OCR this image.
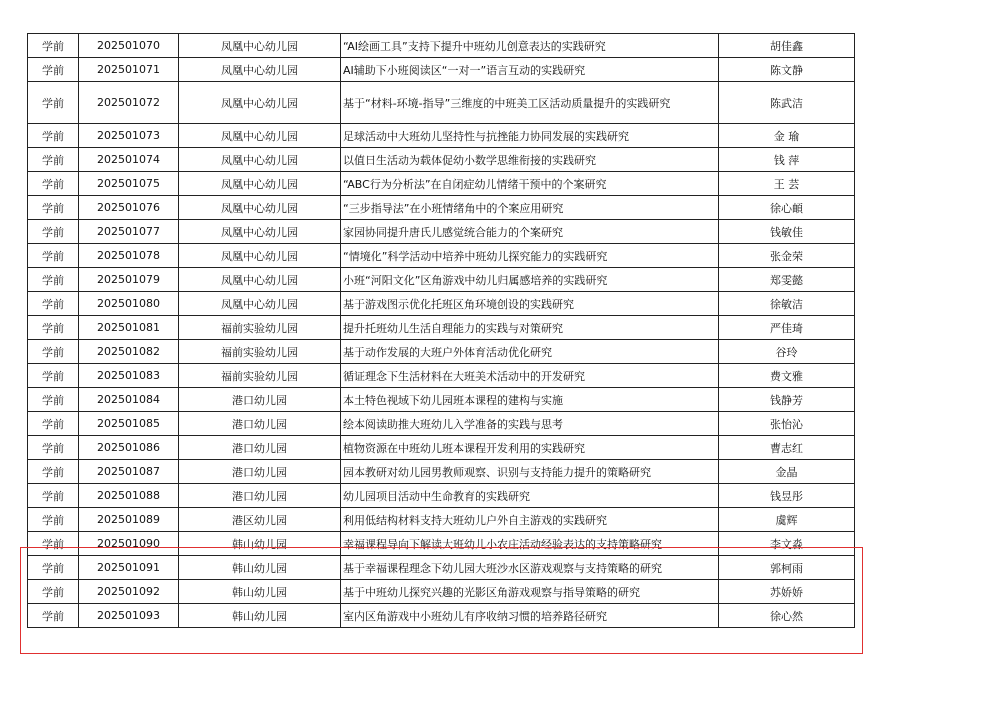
学前	202501070	凤凰中心幼儿园	“AI绘画工具”支持下提升中班幼儿创意表达的实践研究	胡佳鑫
学前	202501071	凤凰中心幼儿园	AI辅助下小班阅读区“一对一”语言互动的实践研究	陈文静
学前	202501072	凤凰中心幼儿园	基于“材料-环境-指导”三维度的中班美工区活动质量提升的实践研究	陈武洁
学前	202501073	凤凰中心幼儿园	足球活动中大班幼儿坚持性与抗挫能力协同发展的实践研究	金 瑜
学前	202501074	凤凰中心幼儿园	以值日生活动为载体促幼小数学思维衔接的实践研究	钱 萍
学前	202501075	凤凰中心幼儿园	“ABC行为分析法”在自闭症幼儿情绪干预中的个案研究	王 芸
学前	202501076	凤凰中心幼儿园	“三步指导法”在小班情绪角中的个案应用研究	徐心頔
学前	202501077	凤凰中心幼儿园	家园协同提升唐氏儿感觉统合能力的个案研究	钱敏佳
学前	202501078	凤凰中心幼儿园	“情境化”科学活动中培养中班幼儿探究能力的实践研究	张金荣
学前	202501079	凤凰中心幼儿园	小班“河阳文化”区角游戏中幼儿归属感培养的实践研究	郑雯懿
学前	202501080	凤凰中心幼儿园	基于游戏图示优化托班区角环境创设的实践研究	徐敏洁
学前	202501081	福前实验幼儿园	提升托班幼儿生活自理能力的实践与对策研究	严佳琦
学前	202501082	福前实验幼儿园	基于动作发展的大班户外体育活动优化研究	谷玲
学前	202501083	福前实验幼儿园	循证理念下生活材料在大班美术活动中的开发研究	费文雅
学前	202501084	港口幼儿园	本土特色视域下幼儿园班本课程的建构与实施	钱静芳
学前	202501085	港口幼儿园	绘本阅读助推大班幼儿入学准备的实践与思考	张怡沁
学前	202501086	港口幼儿园	植物资源在中班幼儿班本课程开发利用的实践研究	曹志红
学前	202501087	港口幼儿园	园本教研对幼儿园男教师观察、识别与支持能力提升的策略研究	金晶
学前	202501088	港口幼儿园	幼儿园项目活动中生命教育的实践研究	钱昱彤
学前	202501089	港区幼儿园	利用低结构材料支持大班幼儿户外自主游戏的实践研究	虞辉
学前	202501090	韩山幼儿园	幸福课程导向下解读大班幼儿小农庄活动经验表达的支持策略研究	李文淼
学前	202501091	韩山幼儿园	基于幸福课程理念下幼儿园大班沙水区游戏观察与支持策略的研究	郭柯雨
学前	202501092	韩山幼儿园	基于中班幼儿探究兴趣的光影区角游戏观察与指导策略的研究	苏娇娇
学前	202501093	韩山幼儿园	室内区角游戏中小班幼儿有序收纳习惯的培养路径研究	徐心然
